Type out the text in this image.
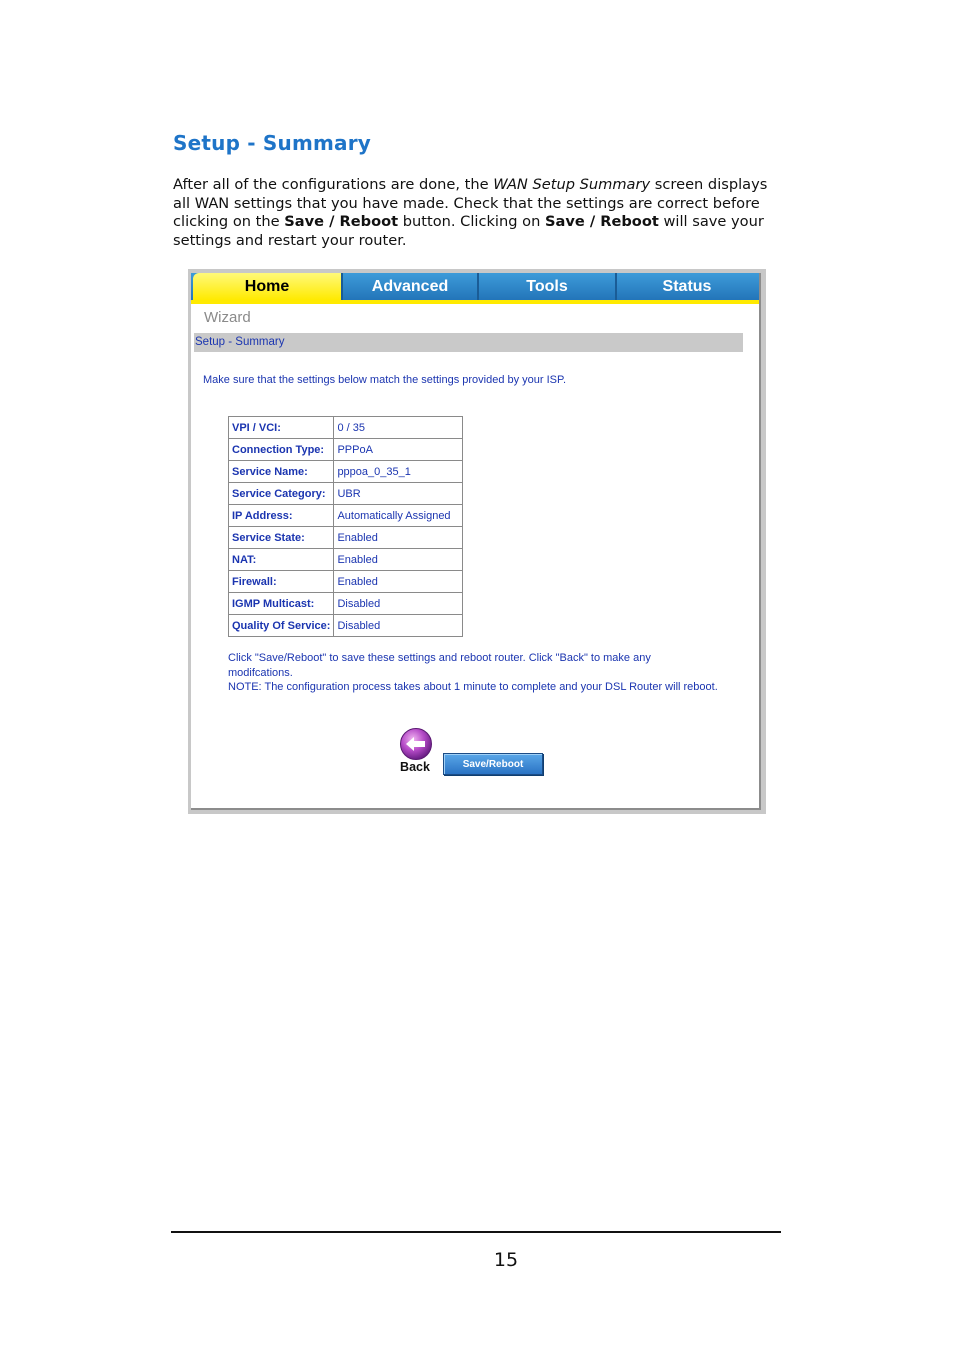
Setup - Summary
After all of the configurations are done, the WAN Setup Summary screen displays all WAN settings that you have made. Check that the settings are correct before clicking on the Save / Reboot button. Clicking on Save / Reboot will save your settings and restart your router.
Home	Advanced	Tools	Status
Wizard
Setup - Summary
Make sure that the settings below match the settings provided by your ISP.
VPI / VCI:	0 / 35
Connection Type:	PPPoA
Service Name:	pppoa_0_35_1
Service Category:	UBR
IP Address:	Automatically Assigned
Service State:	Enabled
NAT:	Enabled
Firewall:	Enabled
IGMP Multicast:	Disabled
Quality Of Service:	Disabled
Click "Save/Reboot" to save these settings and reboot router. Click "Back" to make any modifcations.
NOTE: The configuration process takes about 1 minute to complete and your DSL Router will reboot.
Back	Save/Reboot
15
